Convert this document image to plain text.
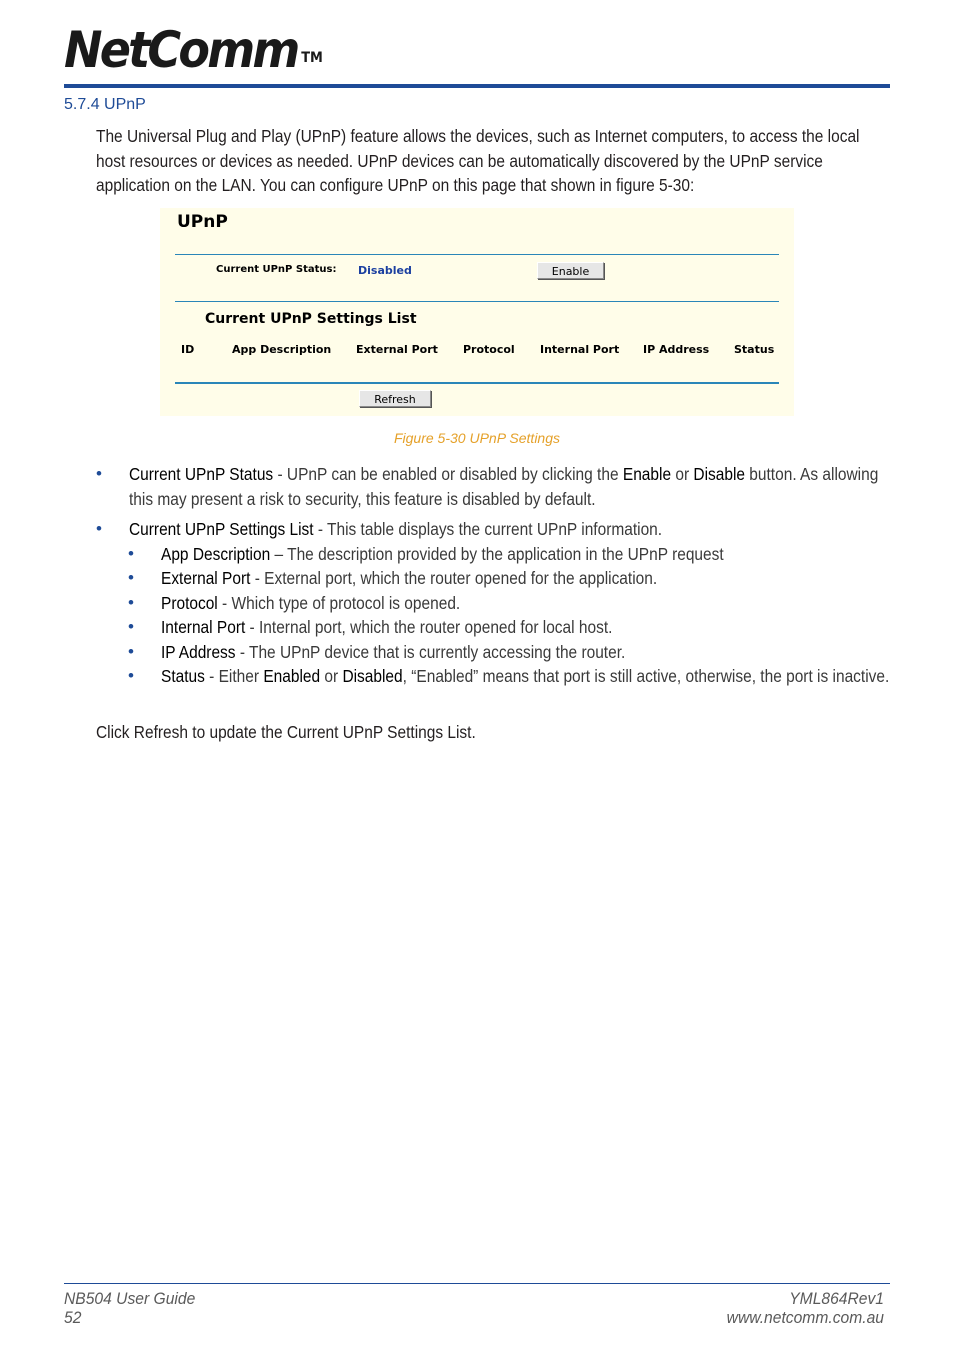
NetComm ™
5.7.4 UPnP
The Universal Plug and Play (UPnP) feature allows the devices, such as Internet computers, to access the local host resources or devices as needed. UPnP devices can be automatically discovered by the UPnP service application on the LAN. You can configure UPnP on this page that shown in figure 5-30:
UPnP
Current UPnP Status: Disabled	Enable
Current UPnP Settings List
ID	App Description External Port Protocol Internal Port IP Address Status
Refresh
Figure 5-30 UPnP Settings
• Current UPnP Status - UPnP can be enabled or disabled by clicking the Enable or Disable button. As allowing this may present a risk to security, this feature is disabled by default.
• Current UPnP Settings List - This table displays the current UPnP information.
• App Description – The description provided by the application in the UPnP request
• External Port - External port, which the router opened for the application.
• Protocol - Which type of protocol is opened.
• Internal Port - Internal port, which the router opened for local host.
• IP Address - The UPnP device that is currently accessing the router.
• Status - Either Enabled or Disabled, “Enabled” means that port is still active, otherwise, the port is inactive.
Click Refresh to update the Current UPnP Settings List.
NB504 User Guide
52
YML864Rev1
www.netcomm.com.au
